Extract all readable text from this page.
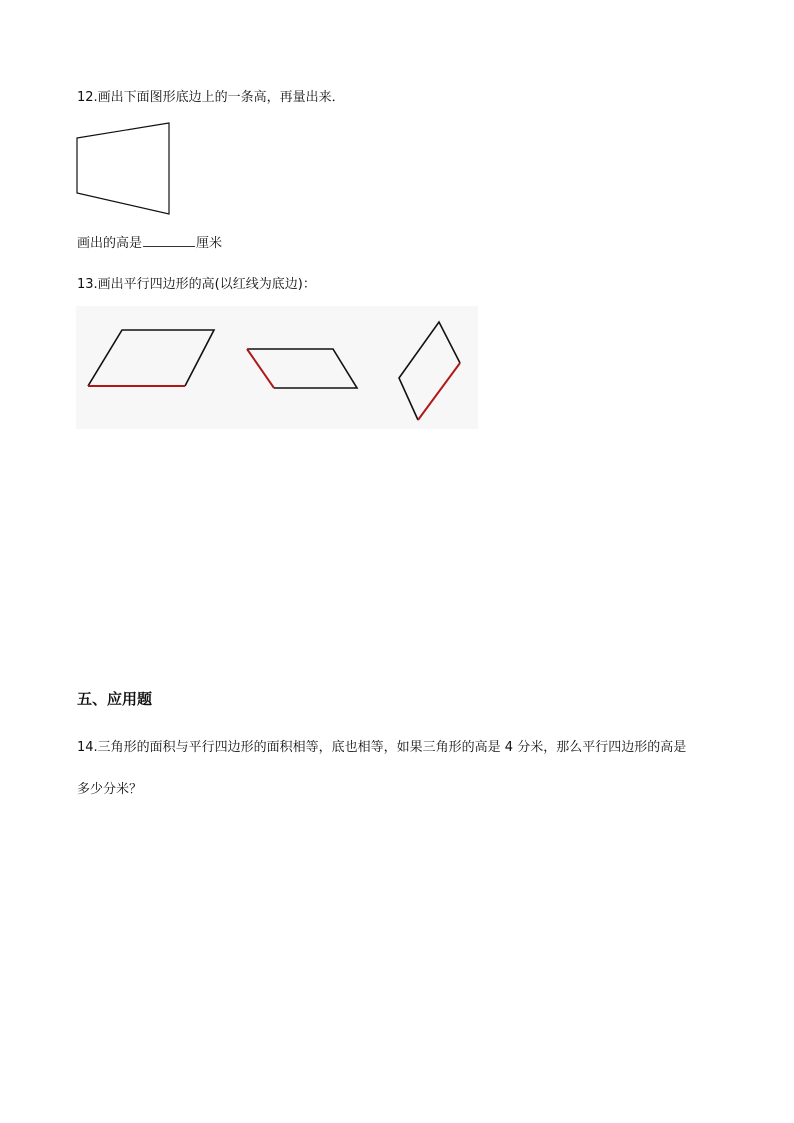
12.画出下面图形底边上的一条高，再量出来．
画出的高是	厘米
13.画出平行四边形的高(以红线为底边)：
五、应用题
14.三角形的面积与平行四边形的面积相等，底也相等，如果三角形的高是 4 分米，那么平行四边形的高是
多少分米？
